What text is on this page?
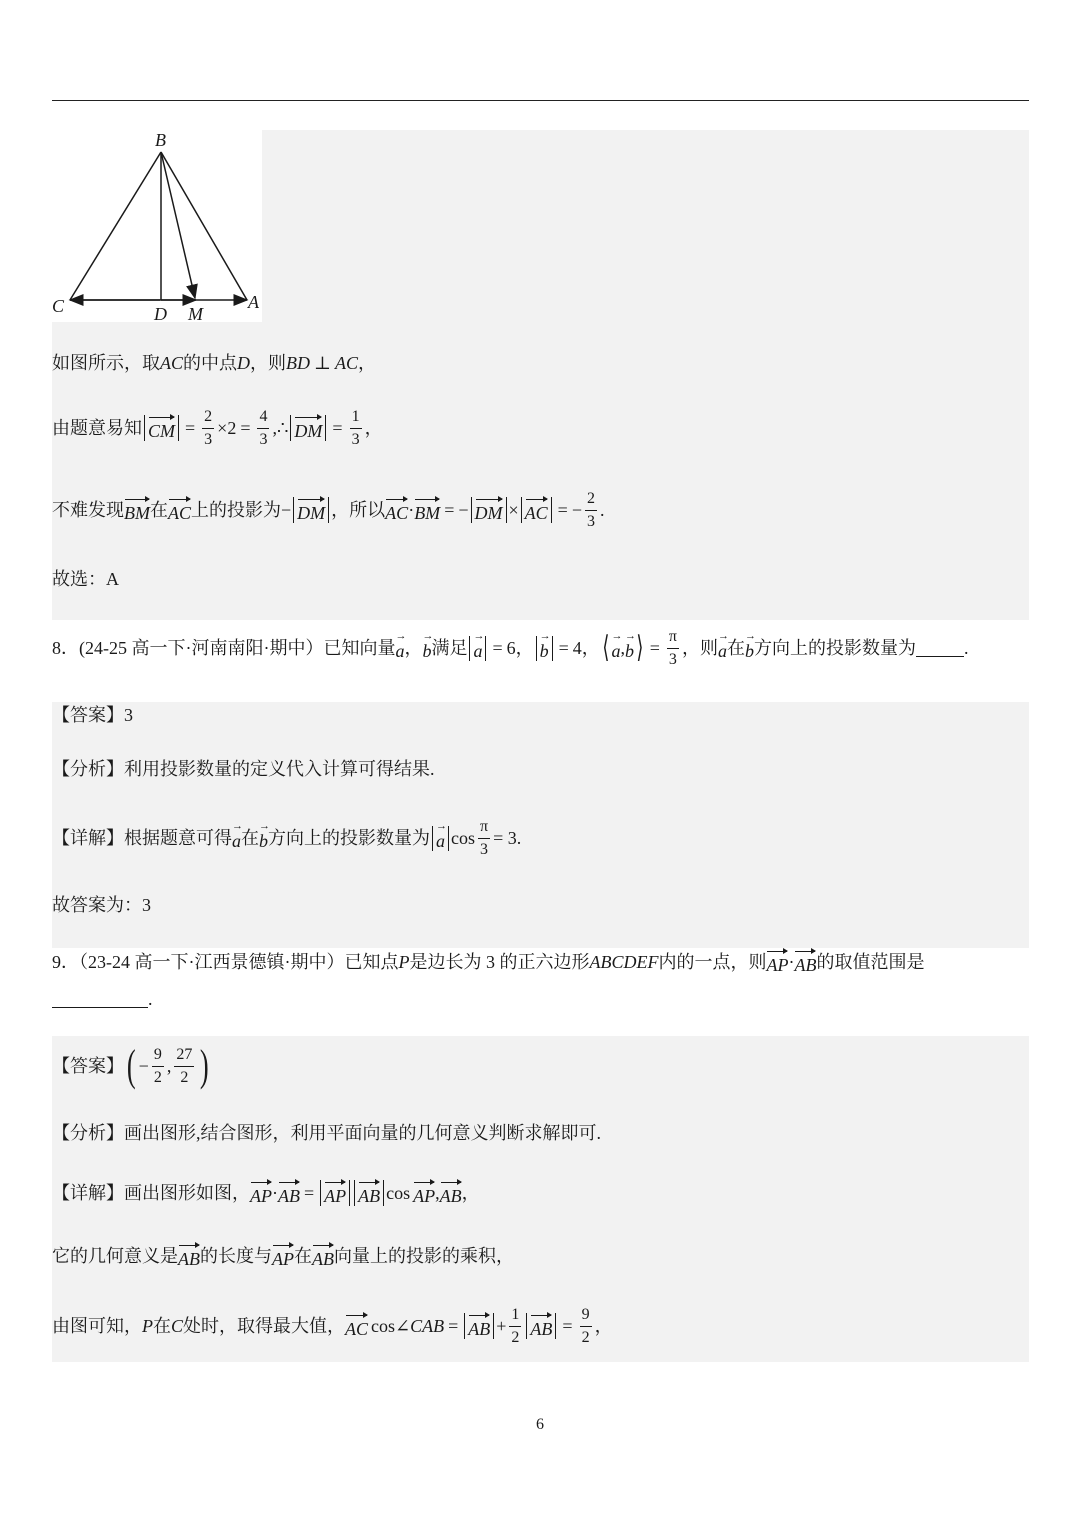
B
C	D M
A
如图所示，取 AC 的中点 D ，则 BD ⊥ AC ，
由题意易知 CM = $\frac{2}{3} \times 2 = \frac{4}{3}$ ,∴ DM = $\frac{1}{3}$ ，
不难发现 BM 在 AC 上的投影为 − DM ，所以 AC · BM = − DM × AC = − $\frac{2}{3}$ .
故选：A
8．(24-25 高一下·河南南阳·期中）已知向量 a → ， b → 满足 a → = 6 ， b → = 4 ， ⟨ a → , b → ⟩ = $\frac{\pi}{3}$ ，则 a → 在 b → 方向上的投影数量为	.
【答案】 3
【分析】 利用投影数量的定义代入计算可得结果.
【详解】 根据题意可得 a → 在 b → 方向上的投影数量为 $a \to \cos \frac{\pi}{3} = 3$ .
故答案为：3
9．（23-24 高一下·江西景德镇·期中）已知点 P 是边长为 3 的正六边形 ABCDEF 内的一点，则 AP · AB 的取值范围是
.
【答案】 ( − $\frac{9}{2}$ , $\frac{27}{2}$ )
【分析】 画出图形,结合图形，利用平面向量的几何意义判断求解即可.
【详解】 画出图形如图， AP · AB = AP AB cos AP , AB ，
它的几何意义是 AB 的长度与 AP 在 AB 向量上的投影的乘积，
由图可知， P 在 C 处时，取得最大值， AC cos ∠CAB = AB + $\frac{1}{2}$ AB = $\frac{9}{2}$ ，
6
